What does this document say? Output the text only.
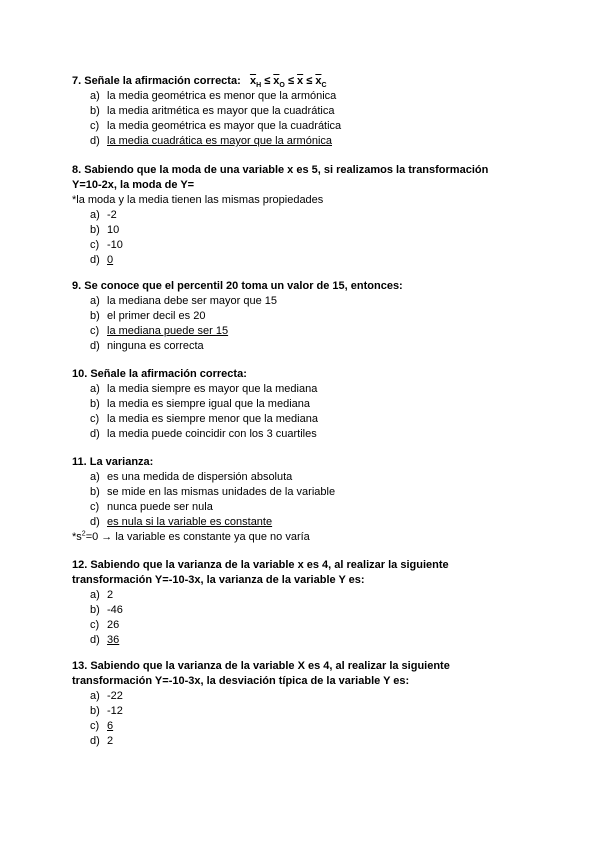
7. Señale la afirmación correcta: $\overline{x}_H \le \overline{x}_O \le \overline{x} \le \overline{x}_C$
a) la media geométrica es menor que la armónica
b) la media aritmética es mayor que la cuadrática
c) la media geométrica es mayor que la cuadrática
d) la media cuadrática es mayor que la armónica
8. Sabiendo que la moda de una variable x es 5, si realizamos la transformación
Y=10-2x, la moda de Y=
*la moda y la media tienen las mismas propiedades
a) -2
b) 10
c) -10
d) 0
9. Se conoce que el percentil 20 toma un valor de 15, entonces:
a) la mediana debe ser mayor que 15
b) el primer decil es 20
c) la mediana puede ser 15
d) ninguna es correcta
10. Señale la afirmación correcta:
a) la media siempre es mayor que la mediana
b) la media es siempre igual que la mediana
c) la media es siempre menor que la mediana
d) la media puede coincidir con los 3 cuartiles
11. La varianza:
a) es una medida de dispersión absoluta
b) se mide en las mismas unidades de la variable
c) nunca puede ser nula
d) es nula si la variable es constante
$*s^2=0$ → la variable es constante ya que no varía
12. Sabiendo que la varianza de la variable x es 4, al realizar la siguiente
transformación Y=-10-3x, la varianza de la variable Y es:
a) 2
b) -46
c) 26
d) 36
13. Sabiendo que la varianza de la variable X es 4, al realizar la siguiente
transformación Y=-10-3x, la desviación típica de la variable Y es:
a) -22
b) -12
c) 6
d) 2
